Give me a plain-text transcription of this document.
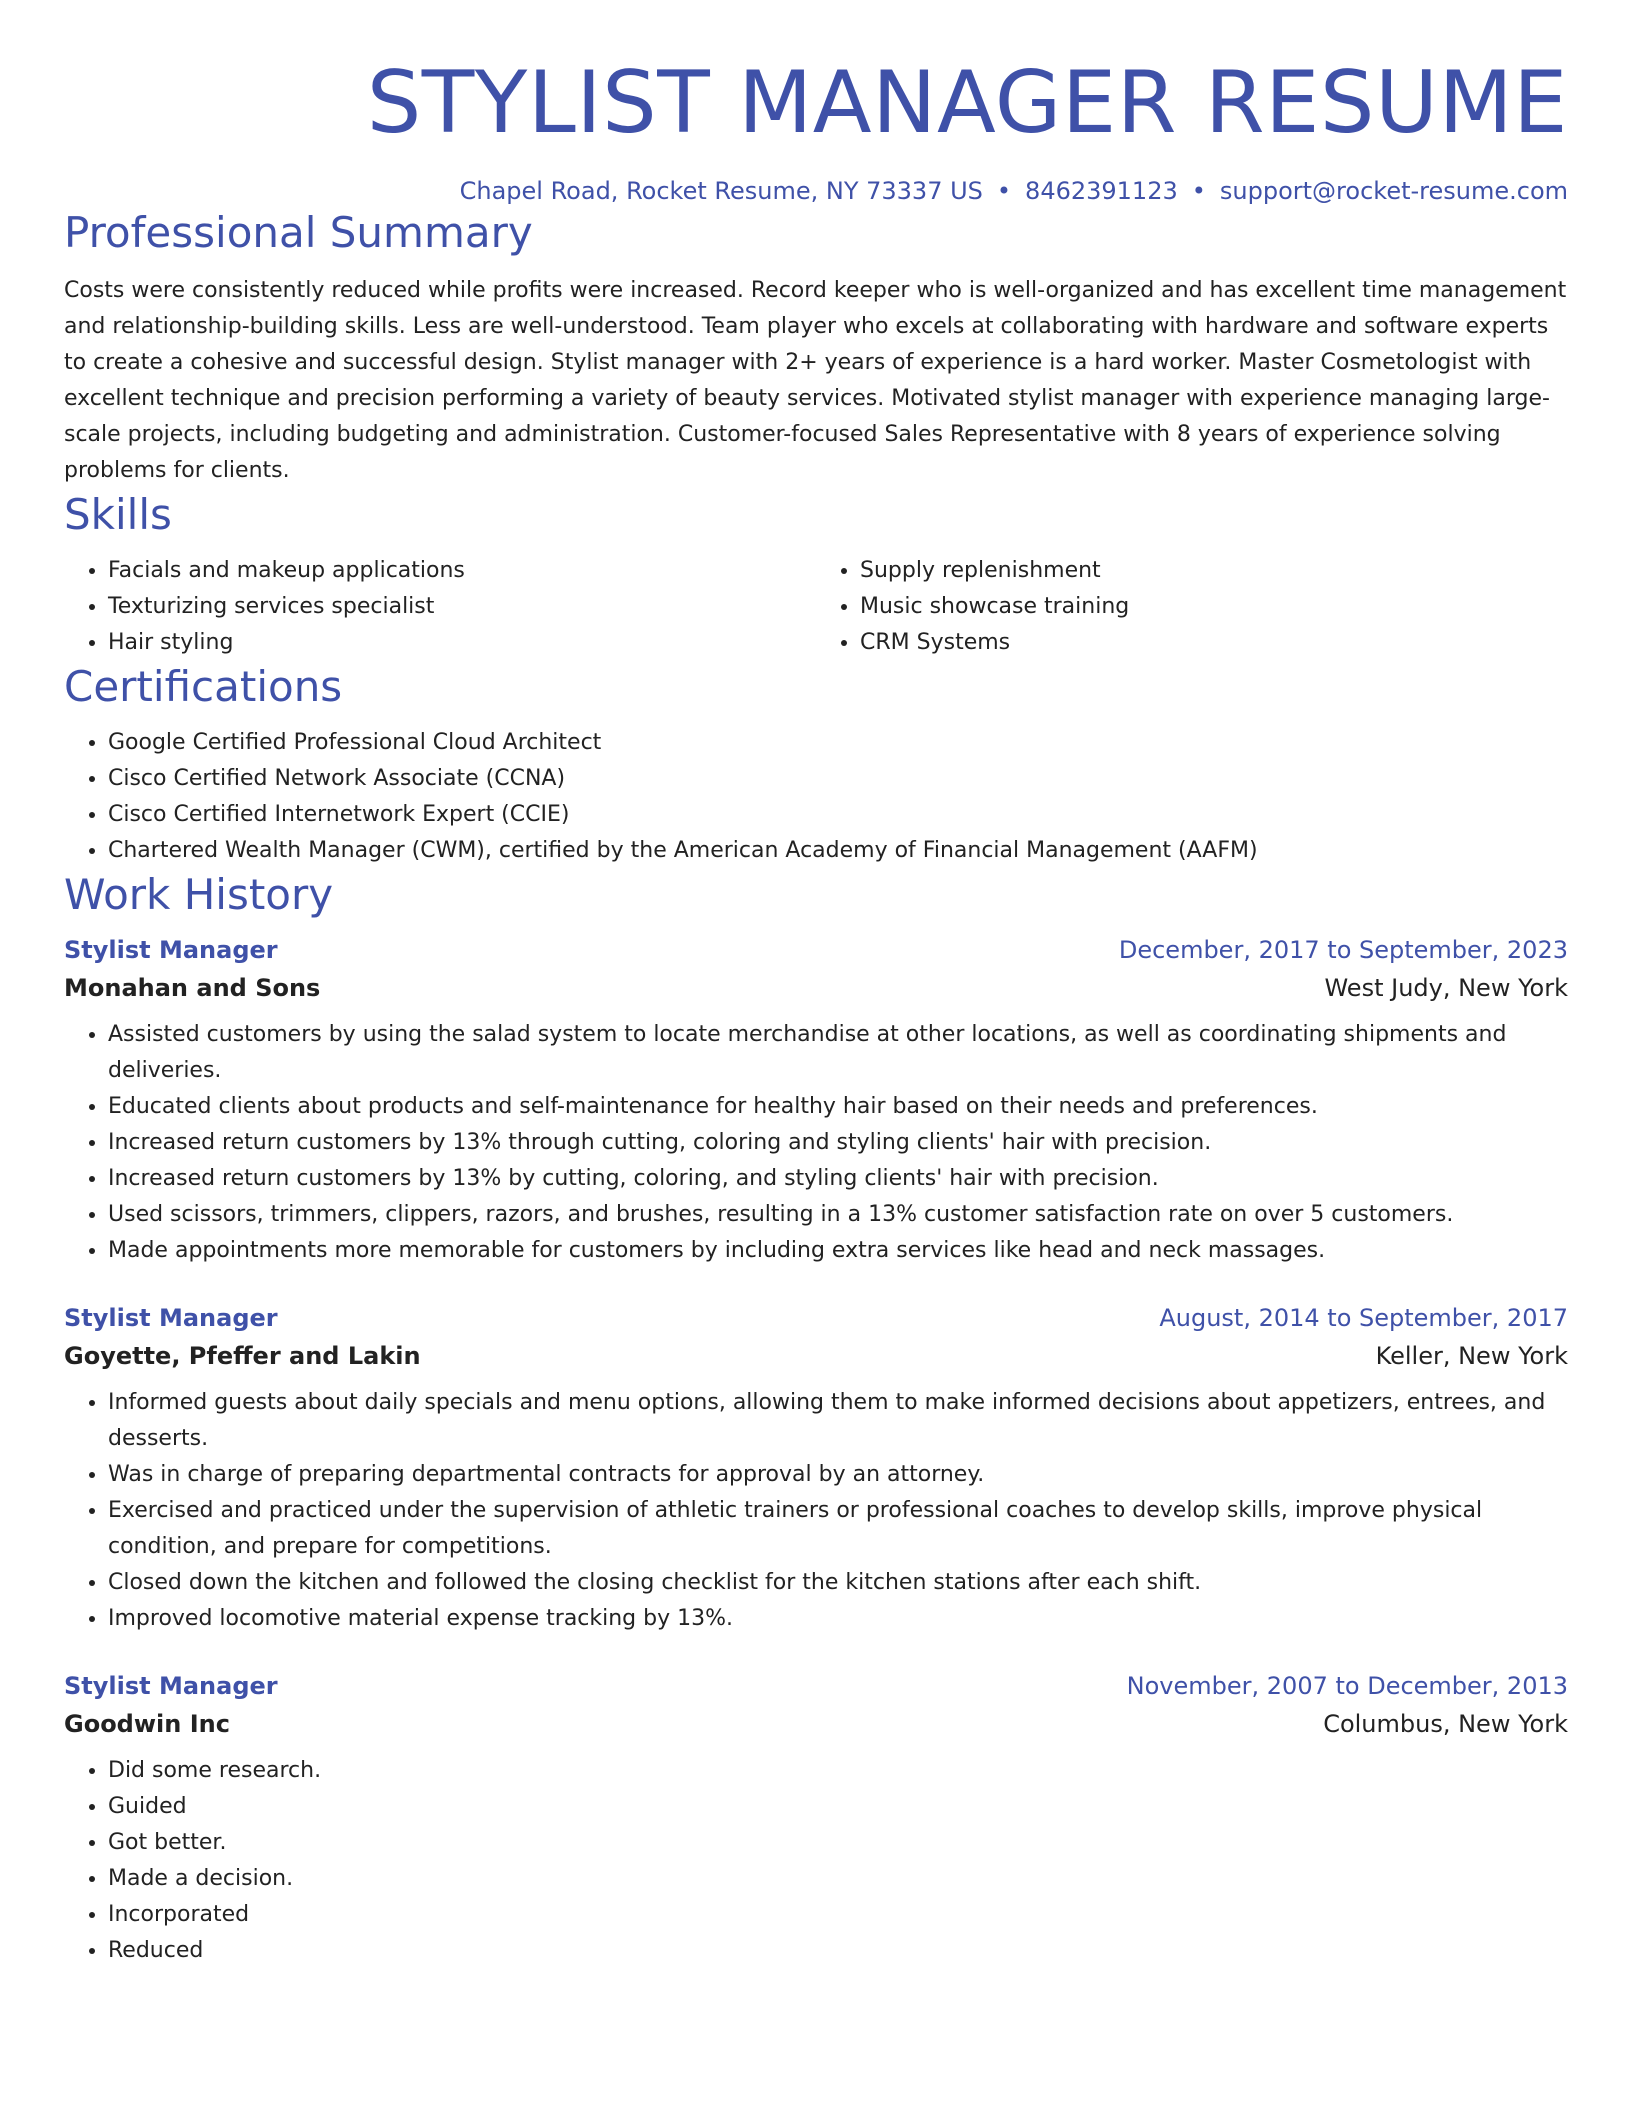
STYLIST MANAGER RESUME
Chapel Road, Rocket Resume, NY 73337 US • 8462391123 • support@rocket-resume.com
Professional Summary

Costs were consistently reduced while profits were increased. Record keeper who is well-organized and has excellent time management and relationship-building skills. Less are well-understood. Team player who excels at collaborating with hardware and software experts to create a cohesive and successful design. Stylist manager with 2+ years of experience is a hard worker. Master Cosmetologist with excellent technique and precision performing a variety of beauty services. Motivated stylist manager with experience managing large-scale projects, including budgeting and administration. Customer-focused Sales Representative with 8 years of experience solving problems for clients.

Skills
• Facials and makeup applications
• Texturizing services specialist
• Hair styling
• Supply replenishment
• Music showcase training
• CRM Systems
Certifications
• Google Certified Professional Cloud Architect
• Cisco Certified Network Associate (CCNA)
• Cisco Certified Internetwork Expert (CCIE)
• Chartered Wealth Manager (CWM), certified by the American Academy of Financial Management (AAFM)
Work History
Stylist Manager	December, 2017 to September, 2023
Monahan and Sons	West Judy, New York
• Assisted customers by using the salad system to locate merchandise at other locations, as well as coordinating shipments and deliveries.
• Educated clients about products and self-maintenance for healthy hair based on their needs and preferences.
• Increased return customers by 13% through cutting, coloring and styling clients' hair with precision.
• Increased return customers by 13% by cutting, coloring, and styling clients' hair with precision.
• Used scissors, trimmers, clippers, razors, and brushes, resulting in a 13% customer satisfaction rate on over 5 customers.
• Made appointments more memorable for customers by including extra services like head and neck massages.
Stylist Manager	August, 2014 to September, 2017
Goyette, Pfeffer and Lakin	Keller, New York
• Informed guests about daily specials and menu options, allowing them to make informed decisions about appetizers, entrees, and desserts.
• Was in charge of preparing departmental contracts for approval by an attorney.
• Exercised and practiced under the supervision of athletic trainers or professional coaches to develop skills, improve physical condition, and prepare for competitions.
• Closed down the kitchen and followed the closing checklist for the kitchen stations after each shift.
• Improved locomotive material expense tracking by 13%.
Stylist Manager	November, 2007 to December, 2013
Goodwin Inc	Columbus, New York
• Did some research.
• Guided
• Got better.
• Made a decision.
• Incorporated
• Reduced
